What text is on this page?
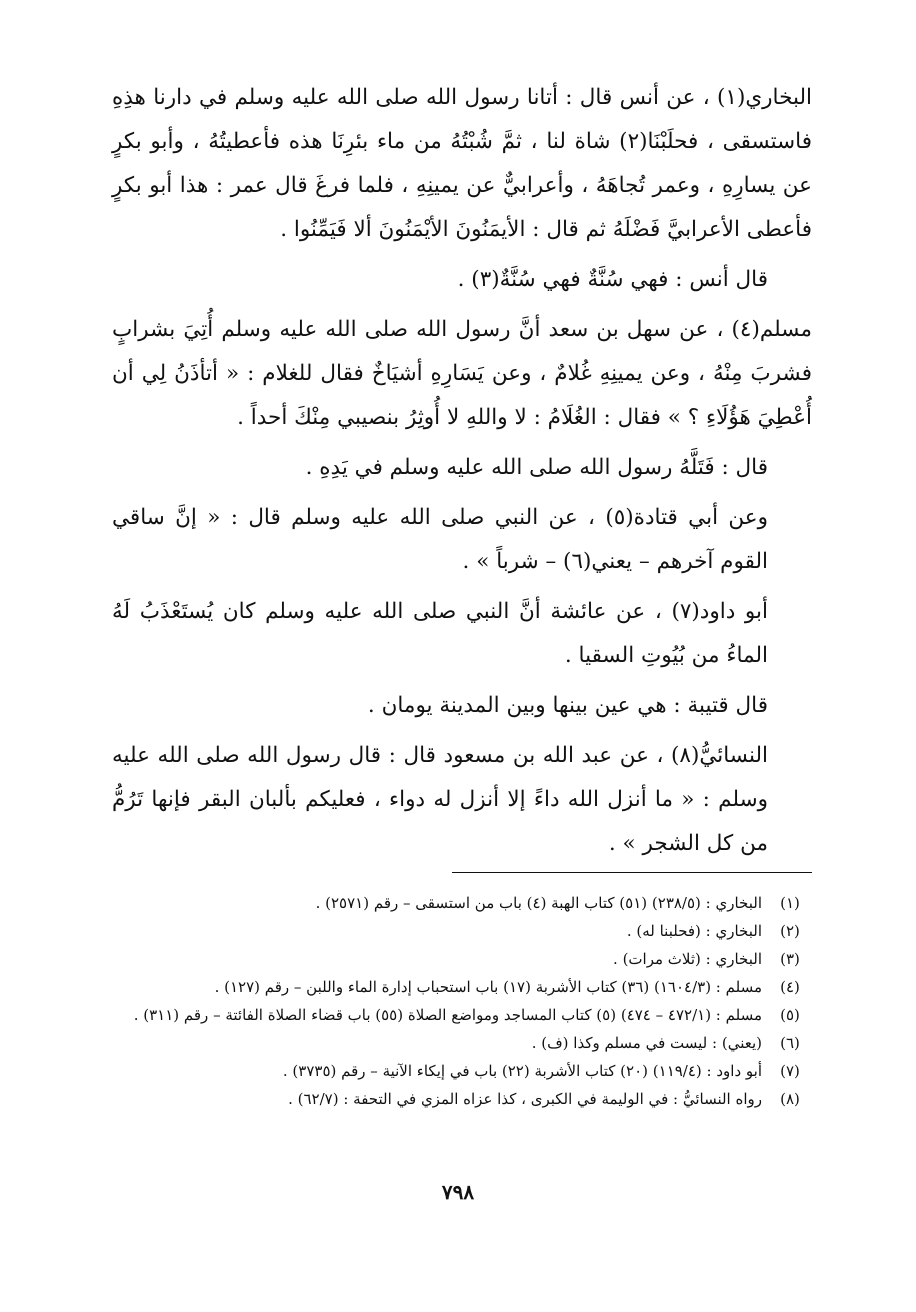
البخاري(١) ، عن أنس قال : أتانا رسول الله صلى الله عليه وسلم في دارنا هذِهِ فاستسقى ، فحلَبْنَا(٢) شاة لنا ، ثمَّ شُبْتُهُ من ماء بئرِنَا هذه فأعطيتُهُ ، وأبو بكرٍ عن يسارِهِ ، وعمر تُجاهَهُ ، وأعرابيٌّ عن يمينِهِ ، فلما فرغَ قال عمر : هذا أبو بكرٍ فأعطى الأعرابيَّ فَضْلَهُ ثم قال : الأيمَنُونَ الأيْمَنُونَ ألا فَيَمِّنُوا .

قال أنس : فهي سُنَّةٌ فهي سُنَّةٌ(٣) .

مسلم(٤) ، عن سهل بن سعد أنَّ رسول الله صلى الله عليه وسلم أُتِيَ بشرابٍ فشربَ مِنْهُ ، وعن يمينِهِ غُلامٌ ، وعن يَسَارِهِ أشيَاخٌ فقال للغلام : « أتأذَنُ لِي أن أُعْطِيَ هَؤُلَاءِ ؟ » فقال : الغُلَامُ : لا واللهِ لا أُوثِرُ بنصيبي مِنْكَ أحداً .

قال : فَتَلَّهُ رسول الله صلى الله عليه وسلم في يَدِهِ .

وعن أبي قتادة(٥) ، عن النبي صلى الله عليه وسلم قال : « إنَّ ساقي القوم آخرهم – يعني(٦) – شرباً » .

أبو داود(٧) ، عن عائشة أنَّ النبي صلى الله عليه وسلم كان يُستَعْذَبُ لَهُ الماءُ من بُيُوتِ السقيا .

قال قتيبة : هي عين بينها وبين المدينة يومان .

النسائيُّ(٨) ، عن عبد الله بن مسعود قال : قال رسول الله صلى الله عليه وسلم : « ما أنزل الله داءً إلا أنزل له دواء ، فعليكم بألبان البقر فإنها تَرُمُّ من كل الشجر » .

(١)
البخاري : (٢٣٨/٥) (٥١) كتاب الهبة (٤) باب من استسقى – رقم (٢٥٧١) .
(٢)
البخاري : (فحلبنا له) .
(٣)
البخاري : (ثلاث مرات) .
(٤)
مسلم : (١٦٠٤/٣) (٣٦) كتاب الأشربة (١٧) باب استحباب إدارة الماء واللبن – رقم (١٢٧) .
(٥)
مسلم : (٤٧٢/١ – ٤٧٤) (٥) كتاب المساجد ومواضع الصلاة (٥٥) باب قضاء الصلاة الفائتة – رقم (٣١١) .
(٦)
(يعني) : ليست في مسلم وكذا (ف) .
(٧)
أبو داود : (١١٩/٤) (٢٠) كتاب الأشربة (٢٢) باب في إيكاء الآنية – رقم (٣٧٣٥) .
(٨)
رواه النسائيُّ : في الوليمة في الكبرى ، كذا عزاه المزي في التحفة : (٦٢/٧) .
٧٩٨
